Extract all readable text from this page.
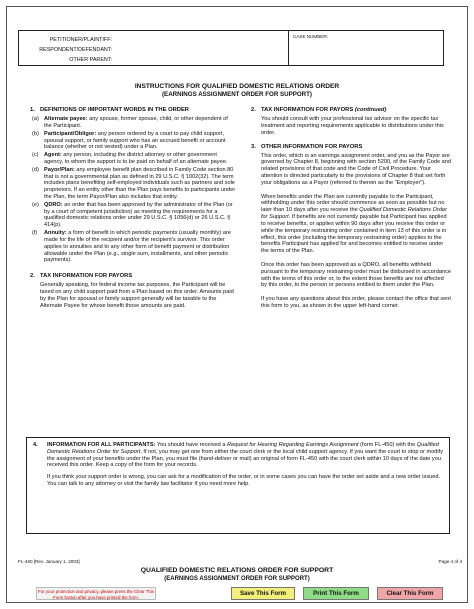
PETITIONER/PLAINTIFF:
RESPONDENT/DEFENDANT:
OTHER PARENT:
CASE NUMBER:
INSTRUCTIONS FOR QUALIFIED DOMESTIC RELATIONS ORDER
(EARNINGS ASSIGNMENT ORDER FOR SUPPORT)
1. DEFINITIONS OF IMPORTANT WORDS IN THE ORDER
(a) Alternate payee: any spouse, former spouse, child, or other dependent of the Participant.
(b) Participant/Obligor: any person ordered by a court to pay child support, spousal support, or family support who has an accrued benefit or account balance (whether or not vested) under a Plan.
(c) Agent: any person, including the district attorney or other government agency, to whom the support is to be paid on behalf of an alternate payee.
(d) Payor/Plan: any employee benefit plan described in Family Code section 80 that is not a governmental plan as defined in 29 U.S.C. § 1002(32). The term includes plans benefiting self-employed individuals such as partners and sole proprietors. If an entity other than the Plan pays benefits to participants under the Plan, the term Payor/Plan also includes that entity.
(e) QDRO: an order that has been approved by the administrator of the Plan (or by a court of competent jurisdiction) as meeting the requirements for a qualified domestic relations order under 29 U.S.C. § 1056(d) or 26 U.S.C. § 414(p).
(f)	Annuity: a form of benefit in which periodic payments (usually monthly) are made for the life of the recipient and/or the recipient's survivor. This order applies to annuities and to any other form of benefit payment or distribution allowable under the Plan (e.g., single sum, installments, and other periodic payments).
2. TAX INFORMATION FOR PAYORS
Generally speaking, for federal income tax purposes, the Participant will be taxed on any child support paid from a Plan based on this order. Amounts paid by the Plan for spousal or family support generally will be taxable to the Alternate Payee for whose benefit those amounts are paid.
2. TAX INFORMATION FOR PAYORS (continued)
You should consult with your professional tax advisor on the specific tax treatment and reporting requirements applicable to distributions under this order.
3. OTHER INFORMATION FOR PAYORS
This order, which is an earnings assignment order, and you as the Payor are governed by Chapter 8, beginning with section 5200, of the Family Code and related provisions of that code and the Code of Civil Procedure. Your attention is directed particularly to the provisions of Chapter 8 that set forth your obligations as a Payor (referred to therein as the "Employer").
When benefits under the Plan are currently payable to the Participant, withholding under this order should commence as soon as possible but no later than 10 days after you receive the Qualified Domestic Relations Order for Support. If benefits are not currently payable but Participant has applied to receive benefits, or applies within 90 days after you receive this order or while the temporary restraining order contained in item 13 of this order is in effect, this order (including the temporary restraining order) applies to the benefits Participant has applied for and becomes entitled to receive under the terms of the Plan.
Once this order has been approved as a QDRO, all benefits withheld pursuant to the temporary restraining order must be disbursed in accordance with the terms of this order or, to the extent those benefits are not affected by this order, to the person or persons entitled to them under the Plan.
If you have any questions about this order, please contact the office that sent this form to you, as shown in the upper left-hand corner.
4.	INFORMATION FOR ALL PARTICIPANTS: You should have received a Request for Hearing Regarding Earnings Assignment (form FL-450) with the Qualified Domestic Relations Order for Support. If not, you may get one from either the court clerk or the local child support agency. If you want the court to stop or modify the assignment of your benefits under the Plan, you must file (hand-deliver or mail) an original of form FL-450 with the court clerk within 10 days of the date you received this order. Keep a copy of the form for your records.

If you think your support order is wrong, you can ask for a modification of the order, or in some cases you can have the order set aside and a new order issued. You can talk to any attorney or visit the family law facilitator if you need more help.

FL-460 [Rev. January 1, 2003]	Page 4 of 4
QUALIFIED DOMESTIC RELATIONS ORDER FOR SUPPORT
(EARNINGS ASSIGNMENT ORDER FOR SUPPORT)
For your protection and privacy, please press the Clear This Form button after you have printed the form.	Save This Form	Print This Form	Clear This Form
